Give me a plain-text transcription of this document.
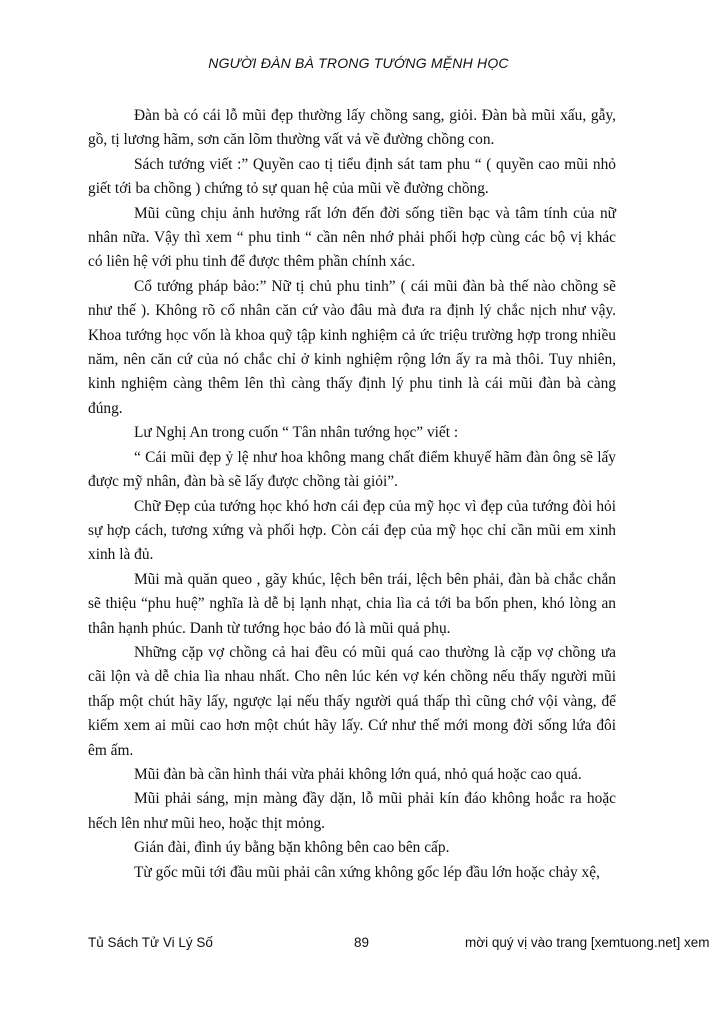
NGƯỜI ĐÀN BÀ TRONG TƯỚNG MỆNH HỌC

Đàn bà có cái lỗ mũi đẹp thường lấy chồng sang, giỏi. Đàn bà mũi xấu, gẫy, gồ, tị lương hãm, sơn căn lõm thường vất vả về đường chồng con.

Sách tướng viết :” Quyền cao tị tiểu định sát tam phu “ ( quyền cao mũi nhỏ giết tới ba chồng ) chứng tỏ sự quan hệ của mũi về đường chồng.

Mũi cũng chịu ảnh hưởng rất lớn đến đời sống tiền bạc và tâm tính của nữ nhân nữa. Vậy thì xem “ phu tinh “ cần nên nhớ phải phối hợp cùng các bộ vị khác có liên hệ với phu tinh để được thêm phần chính xác.

Cổ tướng pháp bảo:” Nữ tị chủ phu tinh” ( cái mũi đàn bà thế nào chồng sẽ như thế ). Không rõ cổ nhân căn cứ vào đâu mà đưa ra định lý chắc nịch như vậy. Khoa tướng học vốn là khoa quỹ tập kinh nghiệm cả ức triệu trường hợp trong nhiều năm, nên căn cứ của nó chắc chỉ ở kinh nghiệm rộng lớn ấy ra mà thôi. Tuy nhiên, kinh nghiệm càng thêm lên thì càng thấy định lý phu tinh là cái mũi đàn bà càng đúng.

Lư Nghị An trong cuốn “ Tân nhân tướng học” viết :

“ Cái mũi đẹp ỷ lệ như hoa không mang chất điểm khuyế hãm đàn ông sẽ lấy được mỹ nhân, đàn bà sẽ lấy được chồng tài giỏi”.

Chữ Đẹp của tướng học khó hơn cái đẹp của mỹ học vì đẹp của tướng đòi hỏi sự hợp cách, tương xứng và phối hợp. Còn cái đẹp của mỹ học chỉ cần mũi em xinh xinh là đủ.

Mũi mà quăn queo , gãy khúc, lệch bên trái, lệch bên phải, đàn bà chắc chắn sẽ thiệu “phu huệ” nghĩa là dễ bị lạnh nhạt, chia lìa cả tới ba bốn phen, khó lòng an thân hạnh phúc. Danh từ tướng học bảo đó là mũi quả phụ.

Những cặp vợ chồng cả hai đều có mũi quá cao thường là cặp vợ chồng ưa cãi lộn và dễ chia lìa nhau nhất. Cho nên lúc kén vợ kén chồng nếu thấy người mũi thấp một chút hãy lấy, ngược lại nếu thấy người quá thấp thì cũng chớ vội vàng, để kiếm xem ai mũi cao hơn một chút hãy lấy. Cứ như thế mới mong đời sống lứa đôi êm ấm.

Mũi đàn bà cần hình thái vừa phải không lớn quá, nhỏ quá hoặc cao quá.

Mũi phải sáng, mịn màng đầy dặn, lỗ mũi phải kín đáo không hoắc ra hoặc hếch lên như mũi heo, hoặc thịt mỏng.

Gián đài, đình úy bằng bặn không bên cao bên cấp.

Từ gốc mũi tới đầu mũi phải cân xứng không gốc lép đầu lớn hoặc chảy xệ,

Tủ Sách Tử Vi Lý Số	89	mời quý vị vào trang [xemtuong.net] xem
